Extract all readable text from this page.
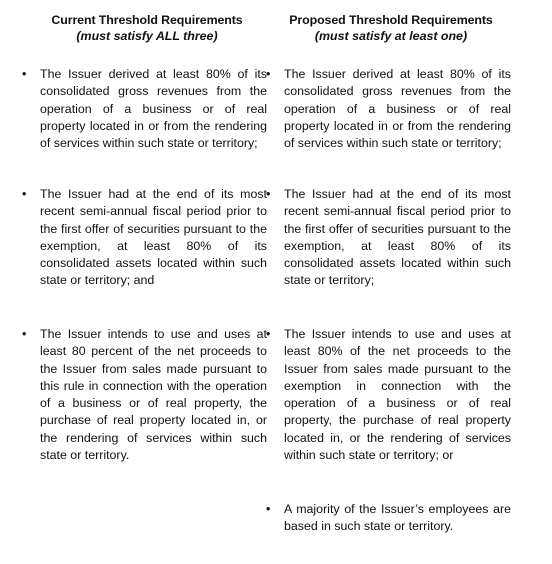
Current Threshold Requirements
(must satisfy ALL three)
•	The Issuer derived at least 80% of its consolidated gross revenues from the operation of a business or of real property located in or from the rendering of services within such state or territory;
•	The Issuer had at the end of its most recent semi-annual fiscal period prior to the first offer of securities pursuant to the exemption, at least 80% of its consolidated assets located within such state or territory; and
•	The Issuer intends to use and uses at least 80 percent of the net proceeds to the Issuer from sales made pursuant to this rule in connection with the operation of a business or of real property, the purchase of real property located in, or the rendering of services within such state or territory.
Proposed Threshold Requirements
(must satisfy at least one)
•	The Issuer derived at least 80% of its consolidated gross revenues from the operation of a business or of real property located in or from the rendering of services within such state or territory;
•	The Issuer had at the end of its most recent semi-annual fiscal period prior to the first offer of securities pursuant to the exemption, at least 80% of its consolidated assets located within such state or territory;
•	The Issuer intends to use and uses at least 80% of the net proceeds to the Issuer from sales made pursuant to the exemption in connection with the operation of a business or of real property, the purchase of real property located in, or the rendering of services within such state or territory; or
•	A majority of the Issuer’s employees are based in such state or territory.
